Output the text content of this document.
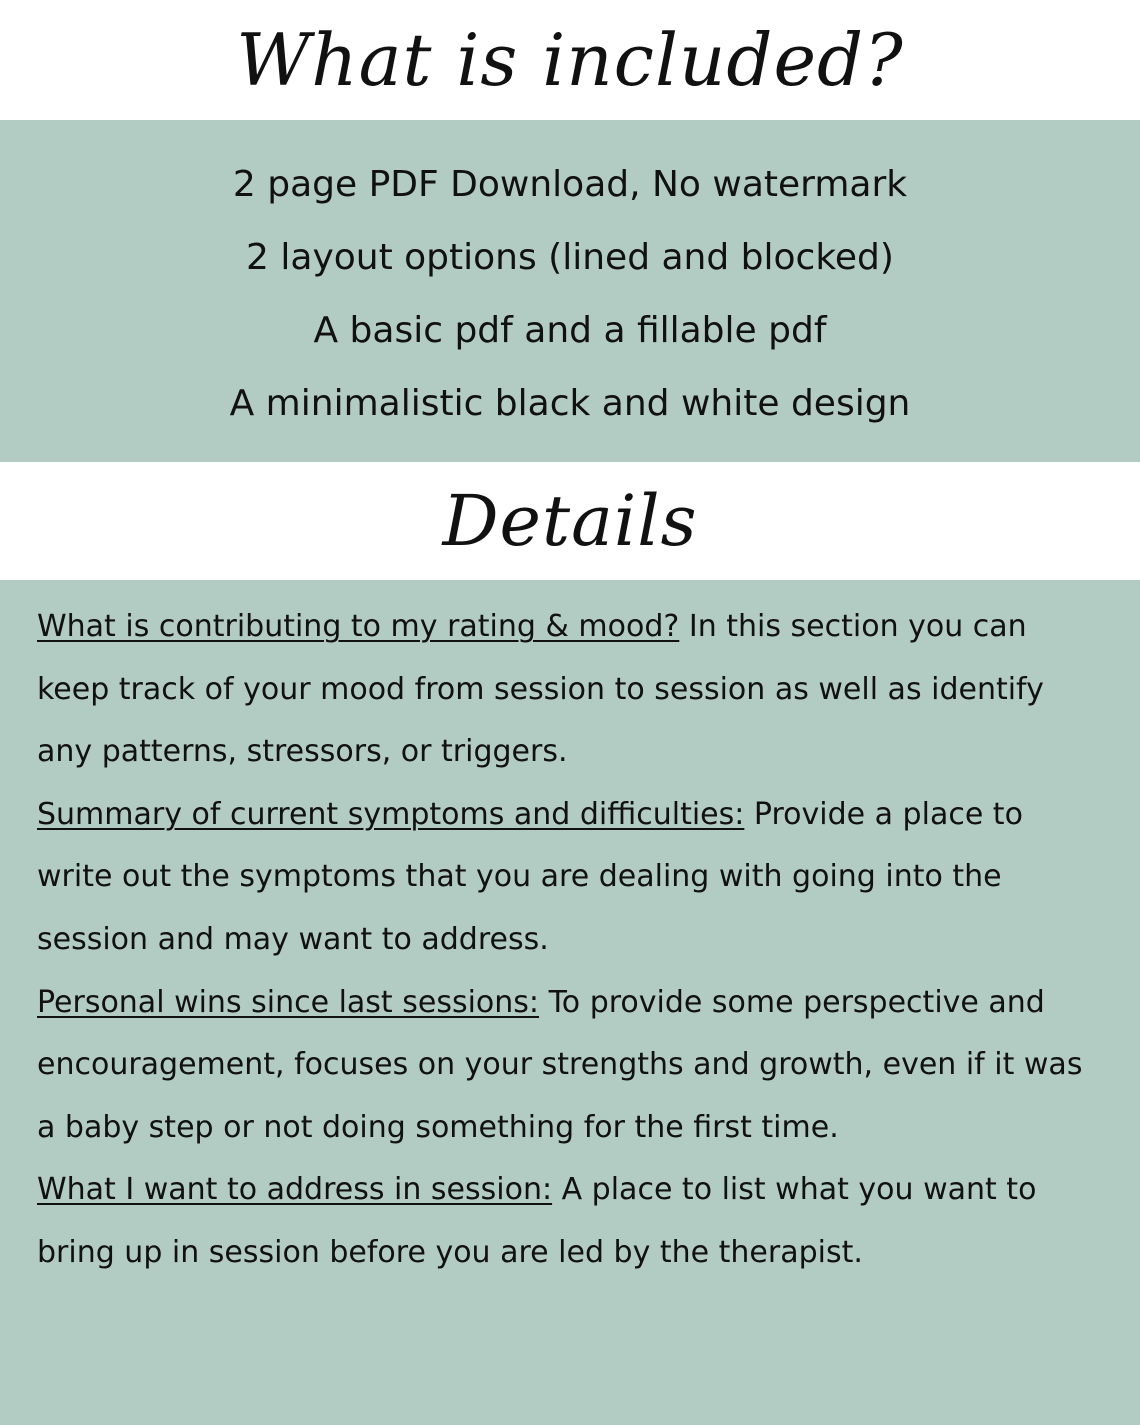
What is included?
2 page PDF Download, No watermark
2 layout options (lined and blocked)
A basic pdf and a fillable pdf
A minimalistic black and white design
Details

What is contributing to my rating & mood? In this section you can keep track of your mood from session to session as well as identify any patterns, stressors, or triggers.

Summary of current symptoms and difficulties: Provide a place to write out the symptoms that you are dealing with going into the session and may want to address.

Personal wins since last sessions: To provide some perspective and encouragement, focuses on your strengths and growth, even if it was a baby step or not doing something for the first time.

What I want to address in session: A place to list what you want to bring up in session before you are led by the therapist.
